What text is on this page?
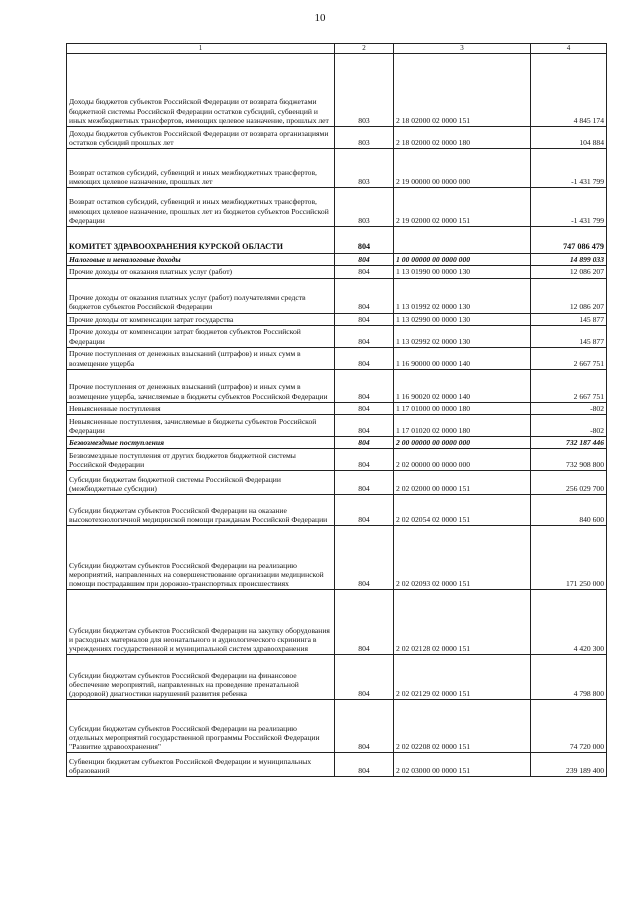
10
1	2	3	4
Доходы бюджетов субъектов Российской Федерации от возврата бюджетами бюджетной системы Российской Федерации остатков субсидий, субвенций и иных межбюджетных трансфертов, имеющих целевое назначение, прошлых лет	803	2 18 02000 02 0000 151	4 845 174
Доходы бюджетов субъектов Российской Федерации от возврата организациями остатков субсидий прошлых лет	803	2 18 02000 02 0000 180	104 884
Возврат остатков субсидий, субвенций и иных межбюджетных трансфертов, имеющих целевое назначение, прошлых лет	803	2 19 00000 00 0000 000	-1 431 799
Возврат остатков субсидий, субвенций и иных межбюджетных трансфертов, имеющих целевое назначение, прошлых лет из бюджетов субъектов Российской Федерации	803	2 19 02000 02 0000 151	-1 431 799
КОМИТЕТ ЗДРАВООХРАНЕНИЯ КУРСКОЙ ОБЛАСТИ	804		747 086 479
Налоговые и неналоговые доходы	804	1 00 00000 00 0000 000	14 899 033
Прочие доходы от оказания платных услуг (работ)	804	1 13 01990 00 0000 130	12 086 207
Прочие доходы от оказания платных услуг (работ) получателями средств бюджетов субъектов Российской Федерации	804	1 13 01992 02 0000 130	12 086 207
Прочие доходы от компенсации затрат государства	804	1 13 02990 00 0000 130	145 877
Прочие доходы от компенсации затрат бюджетов субъектов Российской Федерации	804	1 13 02992 02 0000 130	145 877
Прочие поступления от денежных взысканий (штрафов) и иных сумм в возмещение ущерба	804	1 16 90000 00 0000 140	2 667 751
Прочие поступления от денежных взысканий (штрафов) и иных сумм в возмещение ущерба, зачисляемые в бюджеты субъектов Российской Федерации	804	1 16 90020 02 0000 140	2 667 751
Невыясненные поступления	804	1 17 01000 00 0000 180	-802
Невыясненные поступления, зачисляемые в бюджеты субъектов Российской Федерации	804	1 17 01020 02 0000 180	-802
Безвозмездные поступления	804	2 00 00000 00 0000 000	732 187 446
Безвозмездные поступления от других бюджетов бюджетной системы Российской Федерации	804	2 02 00000 00 0000 000	732 908 800
Субсидии бюджетам бюджетной системы Российской Федерации (межбюджетные субсидии)	804	2 02 02000 00 0000 151	256 029 700
Субсидии бюджетам субъектов Российской Федерации на оказание высокотехнологичной медицинской помощи гражданам Российской Федерации	804	2 02 02054 02 0000 151	840 600
Субсидии бюджетам субъектов Российской Федерации на реализацию мероприятий, направленных на совершенствование организации медицинской помощи пострадавшим при дорожно-транспортных происшествиях	804	2 02 02093 02 0000 151	171 250 000
Субсидии бюджетам субъектов Российской Федерации на закупку оборудования и расходных материалов для неонатального и аудиологического скрининга в учреждениях государственной и муниципальной систем здравоохранения	804	2 02 02128 02 0000 151	4 420 300
Субсидии бюджетам субъектов Российской Федерации на финансовое обеспечение мероприятий, направленных на проведение пренатальной (дородовой) диагностики нарушений развития ребенка	804	2 02 02129 02 0000 151	4 798 800
Субсидии бюджетам субъектов Российской Федерации на реализацию отдельных мероприятий государственной программы Российской Федерации "Развитие здравоохранения"	804	2 02 02208 02 0000 151	74 720 000
Субвенции бюджетам субъектов Российской Федерации и муниципальных образований	804	2 02 03000 00 0000 151	239 189 400
